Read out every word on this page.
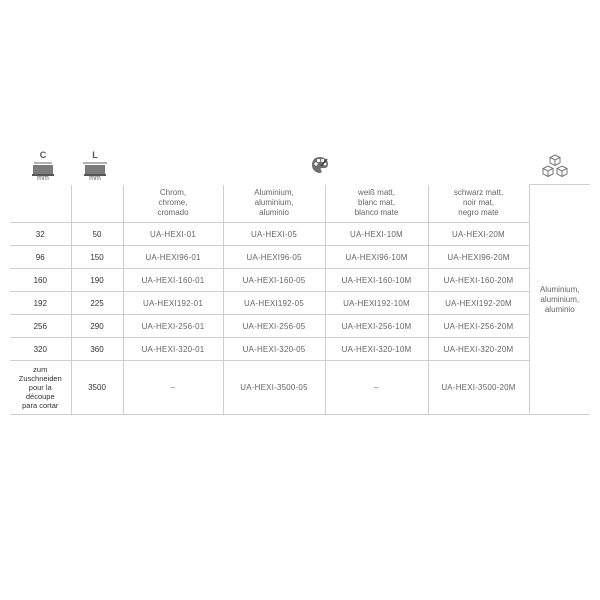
C
mm
L
mm

		Chrom,
chrome,
cromado	Aluminium,
aluminium,
aluminio	weiß matt,
blanc mat,
blanco mate	schwarz matt,
noir mat,
negro mate	Aluminium,
aluminium,
aluminio

32	50	UA-HEXI-01	UA-HEXI-05	UA-HEXI-10M	UA-HEXI-20M	
96	150	UA-HEXI96-01	UA-HEXI96-05	UA-HEXI96-10M	UA-HEXI96-20M	
160	190	UA-HEXI-160-01	UA-HEXI-160-05	UA-HEXI-160-10M	UA-HEXI-160-20M	
192	225	UA-HEXI192-01	UA-HEXI192-05	UA-HEXI192-10M	UA-HEXI192-20M	
256	290	UA-HEXI-256-01	UA-HEXI-256-05	UA-HEXI-256-10M	UA-HEXI-256-20M	
320	360	UA-HEXI-320-01	UA-HEXI-320-05	UA-HEXI-320-10M	UA-HEXI-320-20M	

zum
Zuschneiden
pour la
découpe
para cortar	3500	–	UA-HEXI-3500-05	–	UA-HEXI-3500-20M	
